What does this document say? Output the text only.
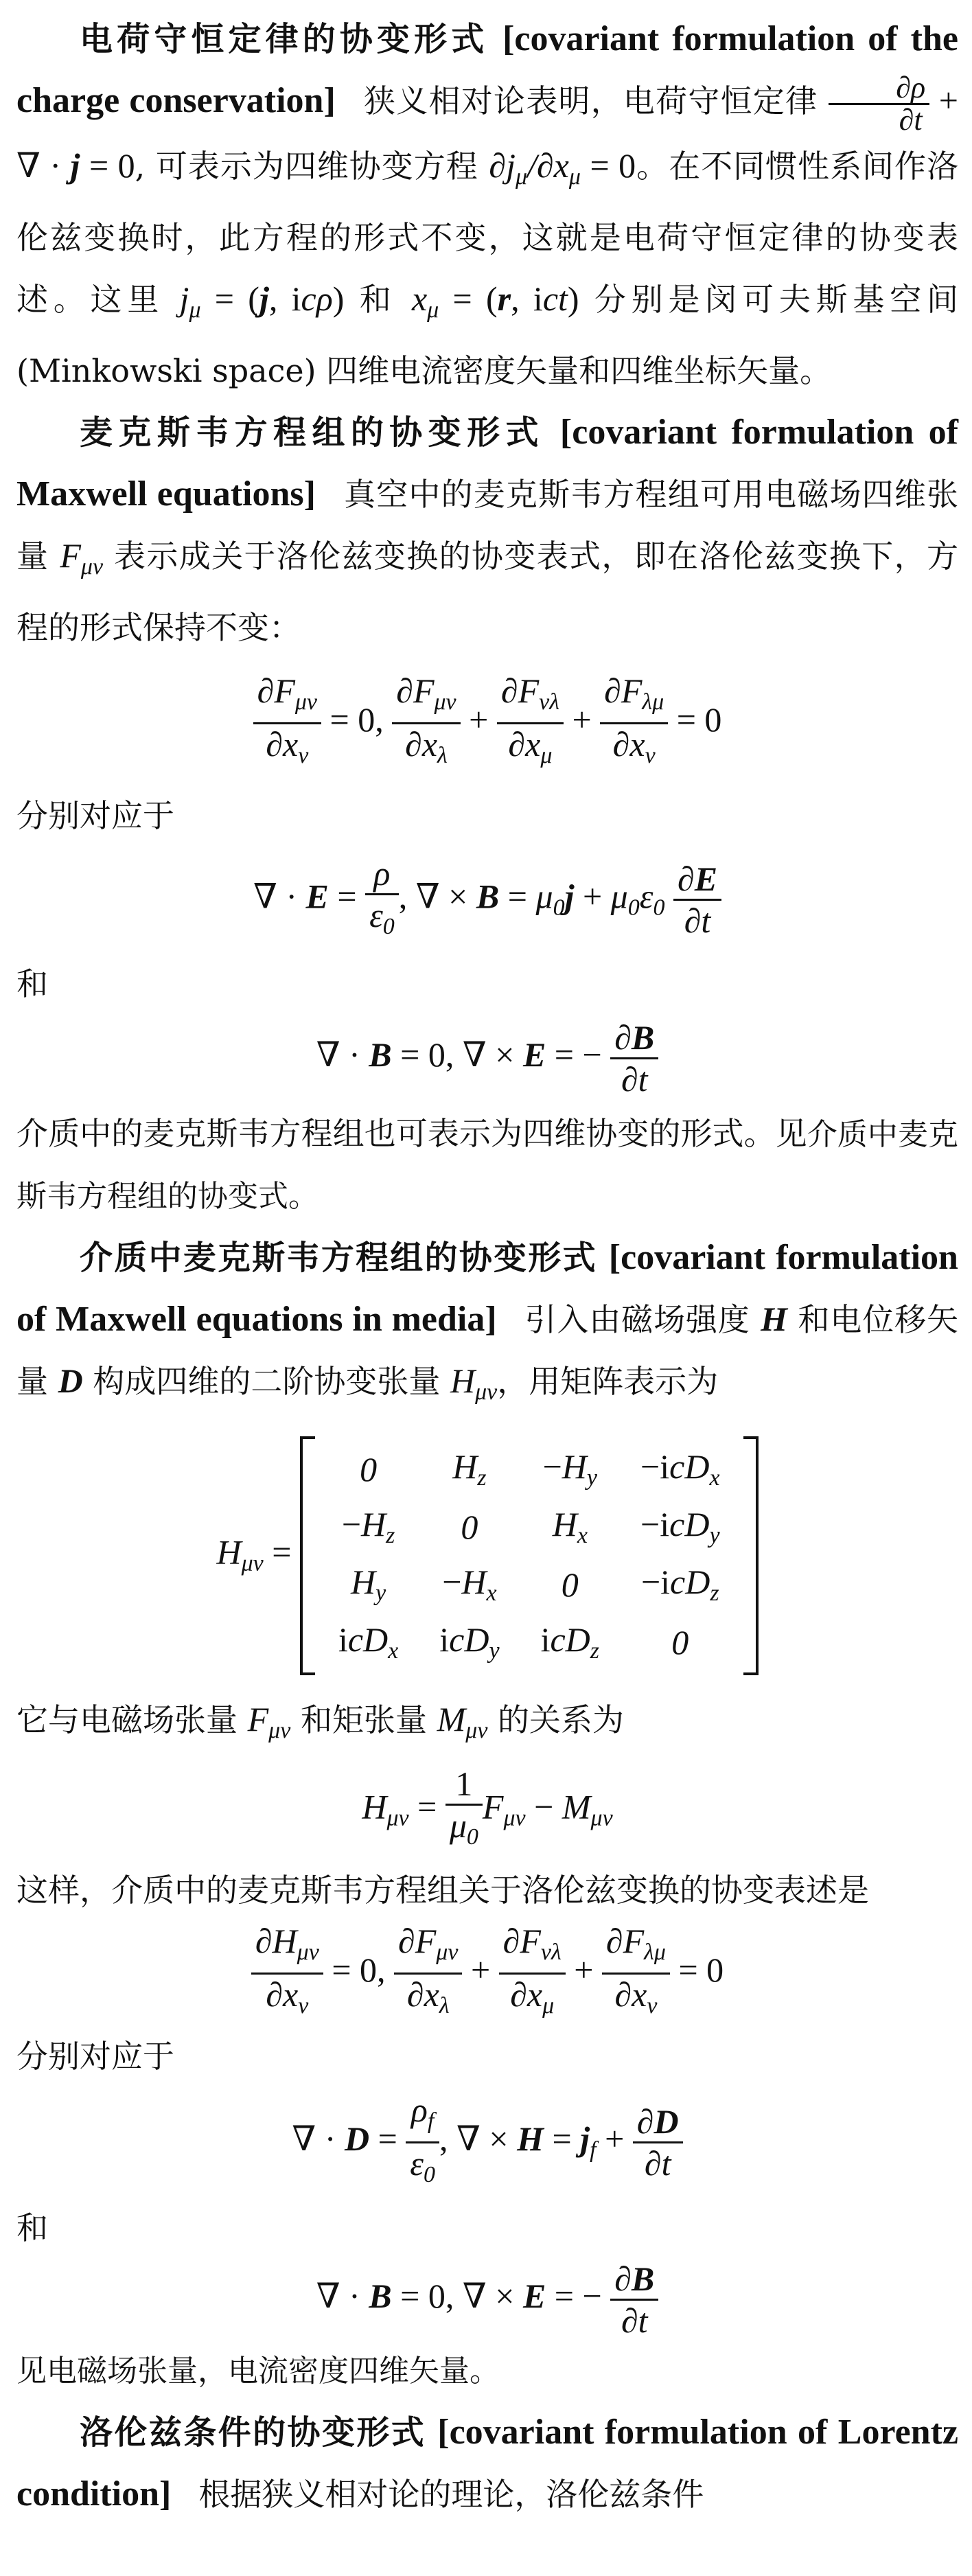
电荷守恒定律的协变形式 [covariant formulation of the charge conservation] 狭义相对论表明，电荷守恒定律 $\frac{\partial\rho}{\partial t}$ + ∇ · j = 0, 可表示为四维协变方程 $\partial j_\mu/\partial x_\mu = 0$。在不同惯性系间作洛伦兹变换时，此方程的形式不变，这就是电荷守恒定律的协变表述。这里 $j_\mu = (j$, icρ) 和 $x_\mu = (r$, ict) 分别是闵可夫斯基空间 (Minkowski space) 四维电流密度矢量和四维坐标矢量。

麦克斯韦方程组的协变形式 [covariant formulation of Maxwell equations] 真空中的麦克斯韦方程组可用电磁场四维张量 $F_{\mu\nu}$ 表示成关于洛伦兹变换的协变表式，即在洛伦兹变换下，方程的形式保持不变：

$\partial F_{\mu\nu}$
$\partial x_\nu$
= 0,
$\partial F_{\mu\nu}$
$\partial x_\lambda$
+
$\partial F_{\nu\lambda}$
$\partial x_\mu$
+
$\partial F_{\lambda\mu}$
$\partial x_\nu$
= 0

分别对应于

∇ · $E = \frac{\rho}{\varepsilon_0}$ , ∇ × $B = \mu_0j + \mu_0\varepsilon_0 \frac{\partial E}{\partial t}$

和

∇ · B = 0, ∇ × E = − $\frac{\partial B}{\partial t}$

介质中的麦克斯韦方程组也可表示为四维协变的形式。见介质中麦克斯韦方程组的协变式。

介质中麦克斯韦方程组的协变形式 [covariant formulation of Maxwell equations in media] 引入由磁场强度 H 和电位移矢量 D 构成四维的二阶协变张量 $H_{\mu\nu}$，用矩阵表示为

$H_{\mu\nu}$ =
0	$H_z$	$-H_y$	−icD$_x$
$-H_z$	0	$H_x$	−icD$_y$
$H_y$	$-H_x$	0	−icD$_z$
icD$_x$	icD$_y$	icD$_z$	0

它与电磁场张量 $F_{\mu\nu}$ 和矩张量 $M_{\mu\nu}$ 的关系为

$H_{\mu\nu} = \frac{1}{\mu_0} F_{\mu\nu} - M_{\mu\nu}$

这样，介质中的麦克斯韦方程组关于洛伦兹变换的协变表述是

$\partial H_{\mu\nu}$
$\partial x_\nu$
= 0,
$\partial F_{\mu\nu}$
$\partial x_\lambda$
+
$\partial F_{\nu\lambda}$
$\partial x_\mu$
+
$\partial F_{\lambda\mu}$
$\partial x_\nu$
= 0

分别对应于

∇ · $D = \frac{\rho_f}{\varepsilon_0}$ , ∇ × $H = j_f + \frac{\partial D}{\partial t}$

和

∇ · B = 0, ∇ × E = − $\frac{\partial B}{\partial t}$

见电磁场张量，电流密度四维矢量。

洛伦兹条件的协变形式 [covariant formulation of Lorentz condition] 根据狭义相对论的理论，洛伦兹条件
